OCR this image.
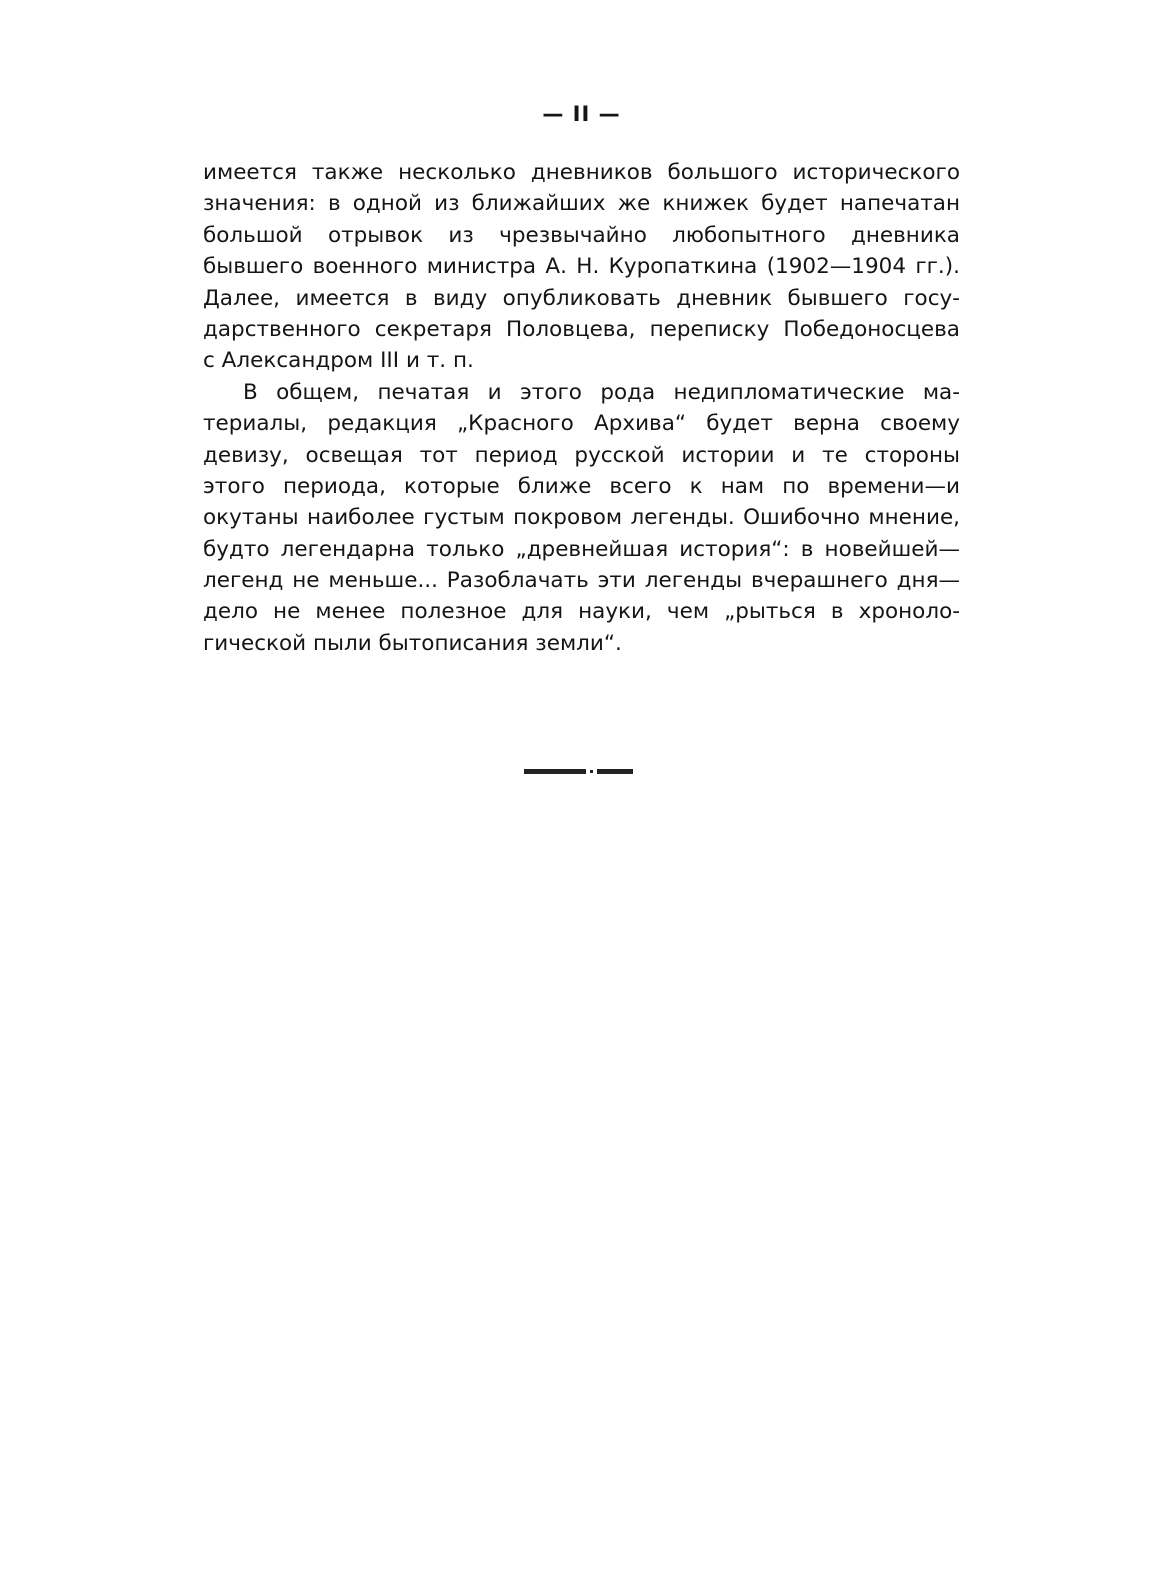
— II —
имеется также несколько дневников большого исторического
значения: в одной из ближайших же книжек будет напечатан
большой отрывок из чрезвычайно любопытного дневника
бывшего военного министра А. Н. Куропаткина (1902—1904 гг.).
Далее, имеется в виду опубликовать дневник бывшего госу-
дарственного секретаря Половцева, переписку Победоносцева
с Александром III и т. п.
В общем, печатая и этого рода недипломатические ма-
териалы, редакция „Красного Архива“ будет верна своему
девизу, освещая тот период русской истории и те стороны
этого периода, которые ближе всего к нам по времени—и
окутаны наиболее густым покровом легенды. Ошибочно мнение,
будто легендарна только „древнейшая история“: в новейшей—
легенд не меньше... Разоблачать эти легенды вчерашнего дня—
дело не менее полезное для науки, чем „рыться в хроноло-
гической пыли бытописания земли“.
